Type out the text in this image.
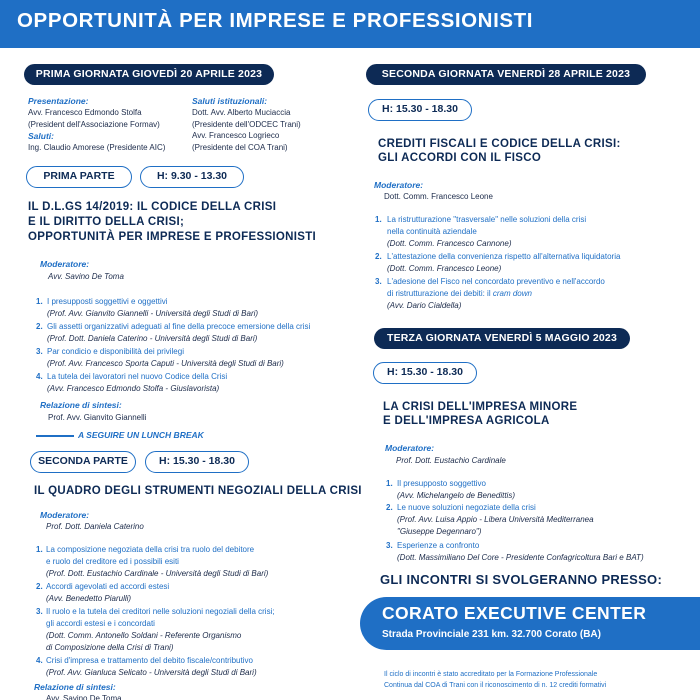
OPPORTUNITÀ PER IMPRESE E PROFESSIONISTI
PRIMA GIORNATA GIOVEDÌ 20 APRILE 2023
Presentazione:
Avv. Francesco Edmondo Stolfa
(President dell'Associazione Formav)
Saluti:
Ing. Claudio Amorese (Presidente AIC)
Saluti istituzionali:
Dott. Avv. Alberto Muciaccia
(Presidente dell'ODCEC Trani)
Avv. Francesco Logrieco
(Presidente del COA Trani)
PRIMA PARTE	H: 9.30 - 13.30
IL D.L.GS 14/2019: IL CODICE DELLA CRISI
E IL DIRITTO DELLA CRISI;
OPPORTUNITÀ PER IMPRESE E PROFESSIONISTI
Moderatore:
Avv. Savino De Toma
1. I presupposti soggettivi e oggettivi
(Prof. Avv. Gianvito Giannelli - Università degli Studi di Bari)
2. Gli assetti organizzativi adeguati al fine della precoce emersione della crisi
(Prof. Dott. Daniela Caterino - Università degli Studi di Bari)
3. Par condicio e disponibilità dei privilegi
(Prof. Avv. Francesco Sporta Caputi - Università degli Studi di Bari)
4. La tutela dei lavoratori nel nuovo Codice della Crisi
(Avv. Francesco Edmondo Stolfa - Giuslavorista)
Relazione di sintesi:
Prof. Avv. Gianvito Giannelli
A SEGUIRE UN LUNCH BREAK
SECONDA PARTE	H: 15.30 - 18.30
IL QUADRO DEGLI STRUMENTI NEGOZIALI DELLA CRISI
Moderatore:
Prof. Dott. Daniela Caterino
1. La composizione negoziata della crisi tra ruolo del debitore
e ruolo del creditore ed i possibili esiti
(Prof. Dott. Eustachio Cardinale - Università degli Studi di Bari)
2. Accordi agevolati ed accordi estesi
(Avv. Benedetto Piarulli)
3. Il ruolo e la tutela dei creditori nelle soluzioni negoziali della crisi;
gli accordi estesi e i concordati
(Dott. Comm. Antonello Soldani - Referente Organismo
di Composizione della Crisi di Trani)
4. Crisi d'impresa e trattamento del debito fiscale/contributivo
(Prof. Avv. Gianluca Selicato - Università degli Studi di Bari)
Relazione di sintesi:
Avv. Savino De Toma
SECONDA GIORNATA VENERDÌ 28 APRILE 2023
H: 15.30 - 18.30
CREDITI FISCALI E CODICE DELLA CRISI:
GLI ACCORDI CON IL FISCO
Moderatore:
Dott. Comm. Francesco Leone
1. La ristrutturazione "trasversale" nelle soluzioni della crisi
nella continuità aziendale
(Dott. Comm. Francesco Cannone)
2. L'attestazione della convenienza rispetto all'alternativa liquidatoria
(Dott. Comm. Francesco Leone)
3. L'adesione del Fisco nel concordato preventivo e nell'accordo
di ristrutturazione dei debiti: il cram down
(Avv. Dario Cialdella)
TERZA GIORNATA VENERDÌ 5 MAGGIO 2023
H: 15.30 - 18.30
LA CRISI DELL'IMPRESA MINORE
E DELL'IMPRESA AGRICOLA
Moderatore:
Prof. Dott. Eustachio Cardinale
1. Il presupposto soggettivo
(Avv. Michelangelo de Benedittis)
2. Le nuove soluzioni negoziate della crisi
(Prof. Avv. Luisa Appio - Libera Università Mediterranea
"Giuseppe Degennaro")
3. Esperienze a confronto
(Dott. Massimiliano Del Core - Presidente Confagricoltura Bari e BAT)
GLI INCONTRI SI SVOLGERANNO PRESSO:
CORATO EXECUTIVE CENTER
Strada Provinciale 231 km. 32.700 Corato (BA)
Il ciclo di incontri è stato accreditato per la Formazione Professionale
Continua dal COA di Trani con il riconoscimento di n. 12 crediti formativi
